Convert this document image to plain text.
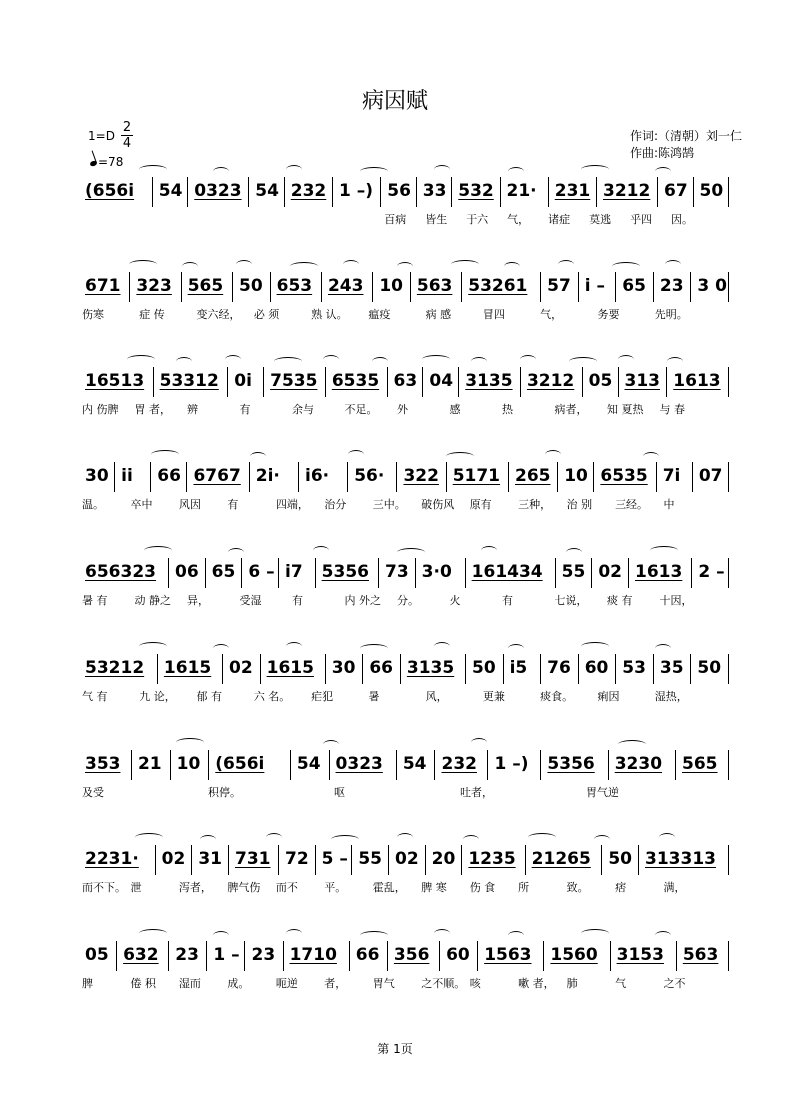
病因赋
1=D
2
4
=78
作词:（清朝）刘一仁
作曲:陈鸿鹄
(656i 54 0323 54 232 1 –) 56 33 532 21· 231 3212 67 50
百病 皆生 于六 气， 诸症 莫逃 乎四 因。
671 323 565 50 653 243 10 563 53261 57 i – 65 23 3 0
伤寒	症 传	变六经， 必 须	熟 认。 瘟疫	病 感	冒四	气，	务要	先明。
16513 53312 0i 7535 6535 63 04 3135 3212 05 313 1613
内 伤脾 胃 者， 辨	有	余与	不足。 外	感	热	病者， 知 夏热 与 春
30 ii 66 6767 2i· i6· 56· 322 5171 265 10 6535 7i 07
温。 卒中 风因 有	四端， 治分 三中。 破伤风 原有 三种， 治 别 三经。 中
656323 06 65 6 – i7 5356 73 3·0 161434 55 02 1613 2 –
暑 有 动 静之 异，	受湿	有	内 外之 分。	火	有	七说， 痰 有 十因，
53212 1615 02 1615 30 66 3135 50 i5 76 60 53 35 50
气 有	九 论， 郁 有	六 名。 疟犯	暑	风，	更兼	痰食。 痢因	湿热，
353 21 10 (656i 54 0323 54 232 1 –) 5356 3230 565
及受	积停。	呕	吐者，	胃气逆
2231· 02 31 731 72 5 – 55 02 20 1235 21265 50 313313
而不下。 泄	泻者， 脾气伤 而不 平。 霍乱， 脾 寒 伤 食 所	致。 痞	满，
05 632 23 1 – 23 1710 66 356 60 1563 1560 3153 563
脾	倦 积 湿而 成。 呃逆 者， 胃气 之不顺。 咳	嗽 者， 肺	气	之不
第 1页
